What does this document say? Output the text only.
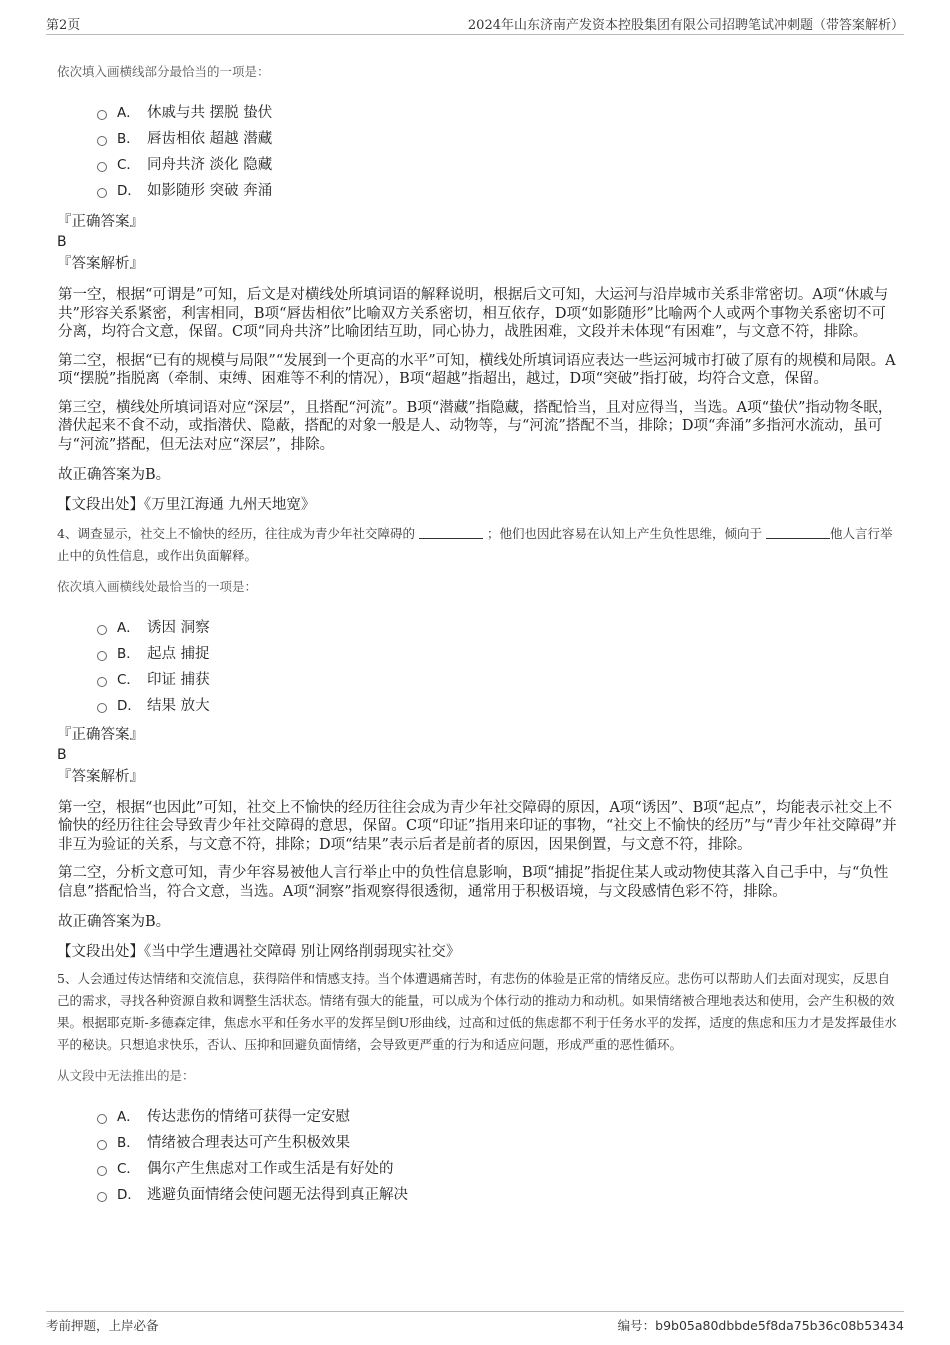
第2页	2024年山东济南产发资本控股集团有限公司招聘笔试冲刺题（带答案解析）

依次填入画横线部分最恰当的一项是：

A． 休戚与共 摆脱 蛰伏
B． 唇齿相依 超越 潜藏
C． 同舟共济 淡化 隐藏
D． 如影随形 突破 奔涌

『正确答案』

B

『答案解析』

第一空，根据“可谓是”可知，后文是对横线处所填词语的解释说明，根据后文可知，大运河与沿岸城市关系非常密切。A项“休戚与共”形容关系紧密，利害相同，B项“唇齿相依”比喻双方关系密切，相互依存，D项“如影随形”比喻两个人或两个事物关系密切不可分离，均符合文意，保留。C项“同舟共济”比喻团结互助，同心协力，战胜困难，文段并未体现“有困难”，与文意不符，排除。

第二空，根据“已有的规模与局限”“发展到一个更高的水平”可知，横线处所填词语应表达一些运河城市打破了原有的规模和局限。A项“摆脱”指脱离（牵制、束缚、困难等不利的情况），B项“超越”指超出，越过，D项“突破”指打破，均符合文意，保留。

第三空，横线处所填词语对应“深层”，且搭配“河流”。B项“潜藏”指隐藏，搭配恰当，且对应得当，当选。A项“蛰伏”指动物冬眠，潜伏起来不食不动，或指潜伏、隐蔽，搭配的对象一般是人、动物等，与“河流”搭配不当，排除；D项“奔涌”多指河水流动，虽可与“河流”搭配，但无法对应“深层”，排除。

故正确答案为B。

【文段出处】《万里江海通 九州天地宽》

4、调查显示，社交上不愉快的经历，往往成为青少年社交障碍的	；他们也因此容易在认知上产生负性思维，倾向于	他人言行举止中的负性信息，或作出负面解释。

依次填入画横线处最恰当的一项是：

A． 诱因 洞察
B． 起点 捕捉
C． 印证 捕获
D． 结果 放大

『正确答案』

B

『答案解析』

第一空，根据“也因此”可知，社交上不愉快的经历往往会成为青少年社交障碍的原因，A项“诱因”、B项“起点”，均能表示社交上不愉快的经历往往会导致青少年社交障碍的意思，保留。C项“印证”指用来印证的事物，“社交上不愉快的经历”与“青少年社交障碍”并非互为验证的关系，与文意不符，排除；D项“结果”表示后者是前者的原因，因果倒置，与文意不符，排除。

第二空，分析文意可知，青少年容易被他人言行举止中的负性信息影响，B项“捕捉”指捉住某人或动物使其落入自己手中，与“负性信息”搭配恰当，符合文意，当选。A项“洞察”指观察得很透彻，通常用于积极语境，与文段感情色彩不符，排除。

故正确答案为B。

【文段出处】《当中学生遭遇社交障碍 别让网络削弱现实社交》

5、人会通过传达情绪和交流信息，获得陪伴和情感支持。当个体遭遇痛苦时，有悲伤的体验是正常的情绪反应。悲伤可以帮助人们去面对现实，反思自己的需求，寻找各种资源自救和调整生活状态。情绪有强大的能量，可以成为个体行动的推动力和动机。如果情绪被合理地表达和使用，会产生积极的效果。根据耶克斯-多德森定律，焦虑水平和任务水平的发挥呈倒U形曲线，过高和过低的焦虑都不利于任务水平的发挥，适度的焦虑和压力才是发挥最佳水平的秘诀。只想追求快乐，否认、压抑和回避负面情绪，会导致更严重的行为和适应问题，形成严重的恶性循环。

从文段中无法推出的是：

A． 传达悲伤的情绪可获得一定安慰
B． 情绪被合理表达可产生积极效果
C． 偶尔产生焦虑对工作或生活是有好处的
D． 逃避负面情绪会使问题无法得到真正解决
考前押题，上岸必备	编号：b9b05a80dbbde5f8da75b36c08b53434
